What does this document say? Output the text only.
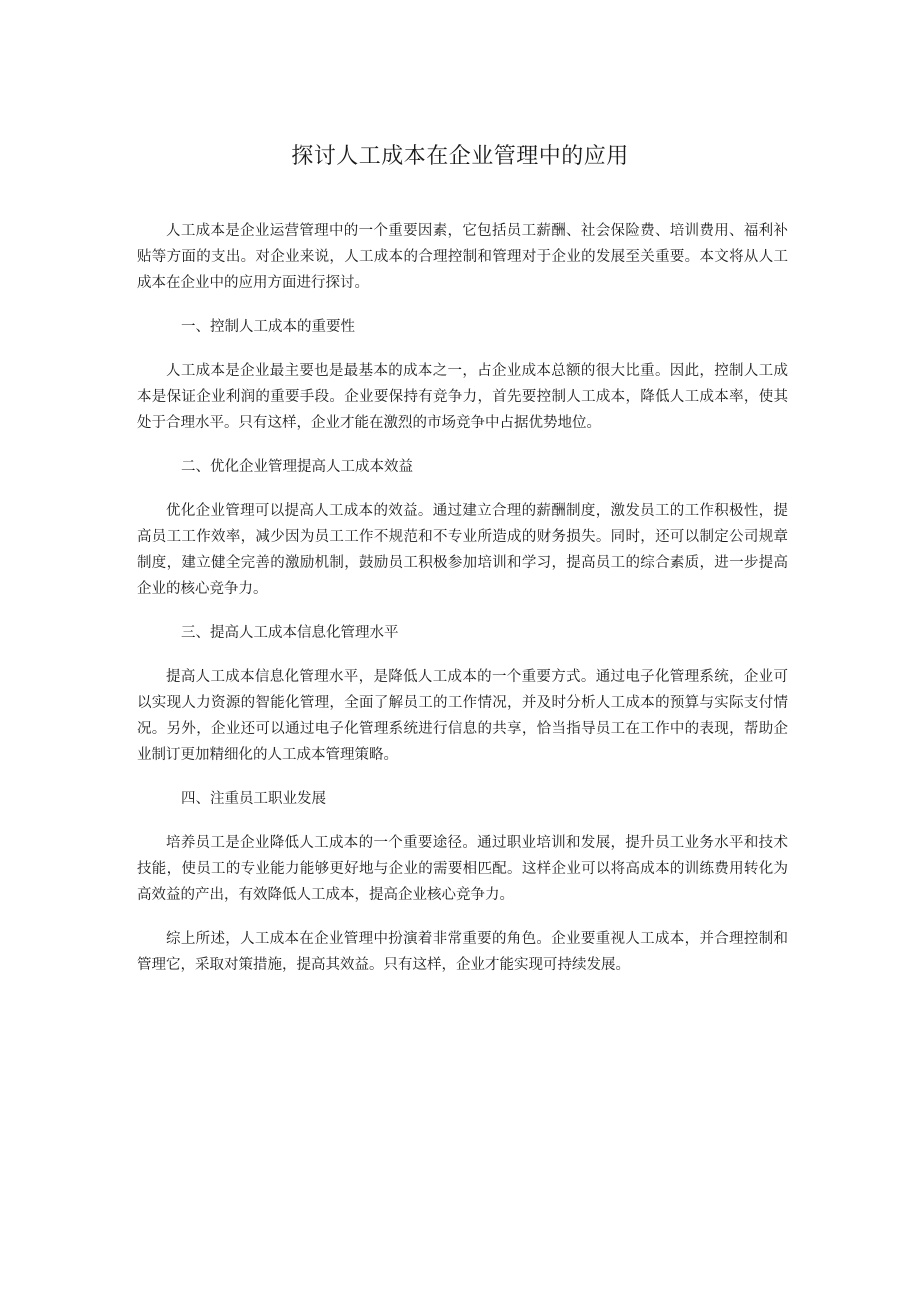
探讨人工成本在企业管理中的应用

人工成本是企业运营管理中的一个重要因素，它包括员工薪酬、社会保险费、培训费用、福利补贴等方面的支出。对企业来说，人工成本的合理控制和管理对于企业的发展至关重要。本文将从人工成本在企业中的应用方面进行探讨。

一、控制人工成本的重要性

人工成本是企业最主要也是最基本的成本之一，占企业成本总额的很大比重。因此，控制人工成本是保证企业利润的重要手段。企业要保持有竞争力，首先要控制人工成本，降低人工成本率，使其处于合理水平。只有这样，企业才能在激烈的市场竞争中占据优势地位。

二、优化企业管理提高人工成本效益

优化企业管理可以提高人工成本的效益。通过建立合理的薪酬制度，激发员工的工作积极性，提高员工工作效率，减少因为员工工作不规范和不专业所造成的财务损失。同时，还可以制定公司规章制度，建立健全完善的激励机制，鼓励员工积极参加培训和学习，提高员工的综合素质，进一步提高企业的核心竞争力。

三、提高人工成本信息化管理水平

提高人工成本信息化管理水平，是降低人工成本的一个重要方式。通过电子化管理系统，企业可以实现人力资源的智能化管理，全面了解员工的工作情况，并及时分析人工成本的预算与实际支付情况。另外，企业还可以通过电子化管理系统进行信息的共享，恰当指导员工在工作中的表现，帮助企业制订更加精细化的人工成本管理策略。

四、注重员工职业发展

培养员工是企业降低人工成本的一个重要途径。通过职业培训和发展，提升员工业务水平和技术技能，使员工的专业能力能够更好地与企业的需要相匹配。这样企业可以将高成本的训练费用转化为高效益的产出，有效降低人工成本，提高企业核心竞争力。

综上所述，人工成本在企业管理中扮演着非常重要的角色。企业要重视人工成本，并合理控制和管理它，采取对策措施，提高其效益。只有这样，企业才能实现可持续发展。
